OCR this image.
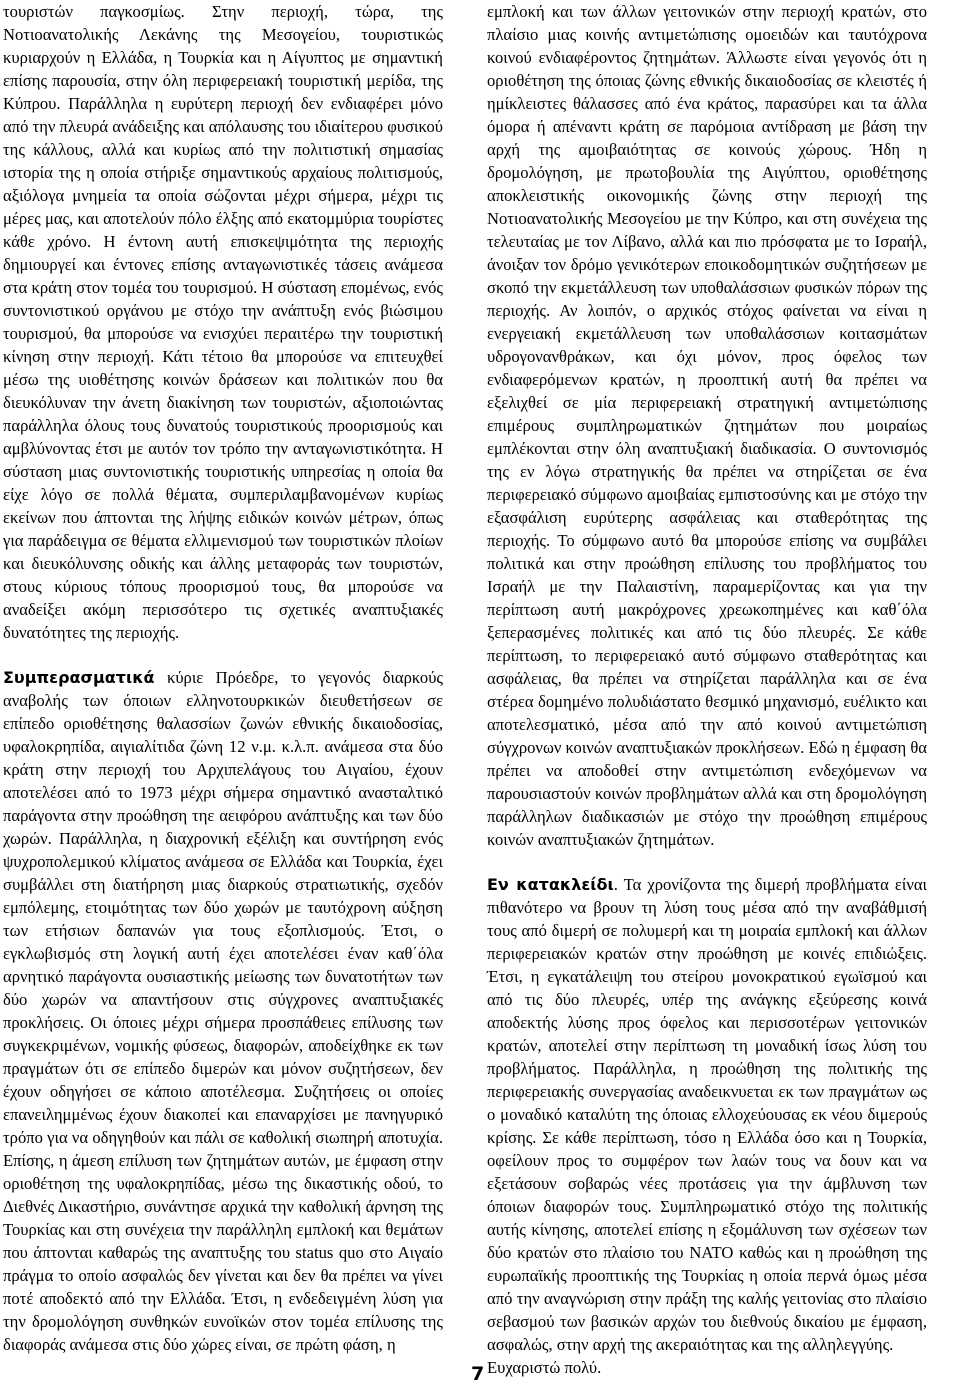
τουριστών παγκοσμίως. Στην περιοχή, τώρα, της Νοτιοανατολικής Λεκάνης της Μεσογείου, τουριστικώς κυριαρχούν η Ελλάδα, η Τουρκία και η Αίγυπτος με σημαντική επίσης παρουσία, στην όλη περιφερειακή τουριστική μερίδα, της Κύπρου. Παράλληλα η ευρύτερη περιοχή δεν ενδιαφέρει μόνο από την πλευρά ανάδειξης και απόλαυσης του ιδιαίτερου φυσικού της κάλλους, αλλά και κυρίως από την πολιτιστική σημασίας ιστορία της η οποία στήριξε σημαντικούς αρχαίους πολιτισμούς, αξιόλογα μνημεία τα οποία σώζονται μέχρι σήμερα, μέχρι τις μέρες μας, και αποτελούν πόλο έλξης από εκατομμύρια τουρίστες κάθε χρόνο. Η έντονη αυτή επισκεψιμότητα της περιοχής δημιουργεί και έντονες επίσης ανταγωνιστικές τάσεις ανάμεσα στα κράτη στον τομέα του τουρισμού. Η σύσταση επομένως, ενός συντονιστικού οργάνου με στόχο την ανάπτυξη ενός βιώσιμου τουρισμού, θα μπορούσε να ενισχύει περαιτέρω την τουριστική κίνηση στην περιοχή. Κάτι τέτοιο θα μπορούσε να επιτευχθεί μέσω της υιοθέτησης κοινών δράσεων και πολιτικών που θα διευκόλυναν την άνετη διακίνηση των τουριστών, αξιοποιώντας παράλληλα όλους τους δυνατούς τουριστικούς προορισμούς και αμβλύνοντας έτσι με αυτόν τον τρόπο την ανταγωνιστικότητα. Η σύσταση μιας συντονιστικής τουριστικής υπηρεσίας η οποία θα είχε λόγο σε πολλά θέματα, συμπεριλαμβανομένων κυρίως εκείνων που άπτονται της λήψης ειδικών κοινών μέτρων, όπως για παράδειγμα σε θέματα ελλιμενισμού των τουριστικών πλοίων και διευκόλυνσης οδικής και άλλης μεταφοράς των τουριστών, στους κύριους τόπους προορισμού τους, θα μπορούσε να αναδείξει ακόμη περισσότερο τις σχετικές αναπτυξιακές δυνατότητες της περιοχής.

Συμπερασματικά κύριε Πρόεδρε, το γεγονός διαρκούς αναβολής των όποιων ελληνοτουρκικών διευθετήσεων σε επίπεδο οριοθέτησης θαλασσίων ζωνών εθνικής δικαιοδοσίας, υφαλοκρηπίδα, αιγιαλίτιδα ζώνη 12 ν.μ. κ.λ.π. ανάμεσα στα δύο κράτη στην περιοχή του Αρχιπελάγους του Αιγαίου, έχουν αποτελέσει από το 1973 μέχρι σήμερα σημαντικό ανασταλτικό παράγοντα στην προώθηση τηε αειφόρου ανάπτυξης και των δύο χωρών. Παράλληλα, η διαχρονική εξέλιξη και συντήρηση ενός ψυχροπολεμικού κλίματος ανάμεσα σε Ελλάδα και Τουρκία, έχει συμβάλλει στη διατήρηση μιας διαρκούς στρατιωτικής, σχεδόν εμπόλεμης, ετοιμότητας των δύο χωρών με ταυτόχρονη αύξηση των ετήσιων δαπανών για τους εξοπλισμούς. Έτσι, ο εγκλωβισμός στη λογική αυτή έχει αποτελέσει έναν καθ΄όλα αρνητικό παράγοντα ουσιαστικής μείωσης των δυνατοτήτων των δύο χωρών να απαντήσουν στις σύγχρονες αναπτυξιακές προκλήσεις. Οι όποιες μέχρι σήμερα προσπάθειες επίλυσης των συγκεκριμένων, νομικής φύσεως, διαφορών, αποδείχθηκε εκ των πραγμάτων ότι σε επίπεδο διμερών και μόνον συζητήσεων, δεν έχουν οδηγήσει σε κάποιο αποτέλεσμα. Συζητήσεις οι οποίες επανειλημμένως έχουν διακοπεί και επαναρχίσει με πανηγυρικό τρόπο για να οδηγηθούν και πάλι σε καθολική σιωπηρή αποτυχία. Επίσης, η άμεση επίλυση των ζητημάτων αυτών, με έμφαση στην οριοθέτηση της υφαλοκρηπίδας, μέσω της δικαστικής οδού, το Διεθνές Δικαστήριο, συνάντησε αρχικά την καθολική άρνηση της Τουρκίας και στη συνέχεια την παράλληλη εμπλοκή και θεμάτων που άπτονται καθαρώς της αναπτυξης του status quo στο Αιγαίο πράγμα το οποίο ασφαλώς δεν γίνεται και δεν θα πρέπει να γίνει ποτέ αποδεκτό από την Ελλάδα. Έτσι, η ενδεδειγμένη λύση για την δρομολόγηση συνθηκών ευνοϊκών στον τομέα επίλυσης της διαφοράς ανάμεσα στις δύο χώρες είναι, σε πρώτη φάση, η

εμπλοκή και των άλλων γειτονικών στην περιοχή κρατών, στο πλαίσιο μιας κοινής αντιμετώπισης ομοειδών και ταυτόχρονα κοινού ενδιαφέροντος ζητημάτων. Άλλωστε είναι γεγονός ότι η οριοθέτηση της όποιας ζώνης εθνικής δικαιοδοσίας σε κλειστές ή ημίκλειστες θάλασσες από ένα κράτος, παρασύρει και τα άλλα όμορα ή απέναντι κράτη σε παρόμοια αντίδραση με βάση την αρχή της αμοιβαιότητας σε κοινούς χώρους. Ήδη η δρομολόγηση, με πρωτοβουλία της Αιγύπτου, οριοθέτησης αποκλειστικής οικονομικής ζώνης στην περιοχή της Νοτιοανατολικής Μεσογείου με την Κύπρο, και στη συνέχεια της τελευταίας με τον Λίβανο, αλλά και πιο πρόσφατα με το Ισραήλ, άνοιξαν τον δρόμο γενικότερων εποικοδομητικών συζητήσεων με σκοπό την εκμετάλλευση των υποθαλάσσιων φυσικών πόρων της περιοχής. Αν λοιπόν, ο αρχικός στόχος φαίνεται να είναι η ενεργειακή εκμετάλλευση των υποθαλάσσιων κοιτασμάτων υδρογονανθράκων, και όχι μόνον, προς όφελος των ενδιαφερόμενων κρατών, η προοπτική αυτή θα πρέπει να εξελιχθεί σε μία περιφερειακή στρατηγική αντιμετώπισης επιμέρους συμπληρωματικών ζητημάτων που μοιραίως εμπλέκονται στην όλη αναπτυξιακή διαδικασία. Ο συντονισμός της εν λόγω στρατηγικής θα πρέπει να στηρίζεται σε ένα περιφερειακό σύμφωνο αμοιβαίας εμπιστοσύνης και με στόχο την εξασφάλιση ευρύτερης ασφάλειας και σταθερότητας της περιοχής. Το σύμφωνο αυτό θα μπορούσε επίσης να συμβάλει πολιτικά και στην προώθηση επίλυσης του προβλήματος του Ισραήλ με την Παλαιστίνη, παραμερίζοντας και για την περίπτωση αυτή μακρόχρονες χρεωκοπημένες και καθ΄όλα ξεπερασμένες πολιτικές και από τις δύο πλευρές. Σε κάθε περίπτωση, το περιφερειακό αυτό σύμφωνο σταθερότητας και ασφάλειας, θα πρέπει να στηρίζεται παράλληλα και σε ένα στέρεα δομημένο πολυδιάστατο θεσμικό μηχανισμό, ευέλικτο και αποτελεσματικό, μέσα από την από κοινού αντιμετώπιση σύγχρονων κοινών αναπτυξιακών προκλήσεων. Εδώ η έμφαση θα πρέπει να αποδοθεί στην αντιμετώπιση ενδεχόμενων να παρουσιαστούν κοινών προβλημάτων αλλά και στη δρομολόγηση παράλληλων διαδικασιών με στόχο την προώθηση επιμέρους κοινών αναπτυξιακών ζητημάτων.

Εν κατακλείδι. Τα χρονίζοντα της διμερή προβλήματα είναι πιθανότερο να βρουν τη λύση τους μέσα από την αναβάθμισή τους από διμερή σε πολυμερή και τη μοιραία εμπλοκή και άλλων περιφερειακών κρατών στην προώθηση με κοινές επιδιώξεις. Έτσι, η εγκατάλειψη του στείρου μονοκρατικού εγωϊσμού και από τις δύο πλευρές, υπέρ της ανάγκης εξεύρεσης κοινά αποδεκτής λύσης προς όφελος και περισσοτέρων γειτονικών κρατών, αποτελεί στην περίπτωση τη μοναδική ίσως λύση του προβλήματος. Παράλληλα, η προώθηση της πολιτικής της περιφερειακής συνεργασίας αναδεικνυεται εκ των πραγμάτων ως ο μοναδικό καταλύτη της όποιας ελλοχεύουσας εκ νέου διμερούς κρίσης. Σε κάθε περίπτωση, τόσο η Ελλάδα όσο και η Τουρκία, οφείλουν προς το συμφέρον των λαών τους να δουν και να εξετάσουν σοβαρώς νέες προτάσεις για την άμβλυνση των όποιων διαφορών τους. Συμπληρωματικό στόχο της πολιτικής αυτής κίνησης, αποτελεί επίσης η εξομάλυνση των σχέσεων των δύο κρατών στο πλαίσιο του ΝΑΤΟ καθώς και η προώθηση της ευρωπαϊκής προοπτικής της Τουρκίας η οποία περνά όμως μέσα από την αναγνώριση στην πράξη της καλής γειτονίας στο πλαίσιο σεβασμού των βασικών αρχών του διεθνούς δικαίου με έμφαση, ασφαλώς, στην αρχή της ακεραιότητας και της αλληλεγγύης.

Ευχαριστώ πολύ.

7
